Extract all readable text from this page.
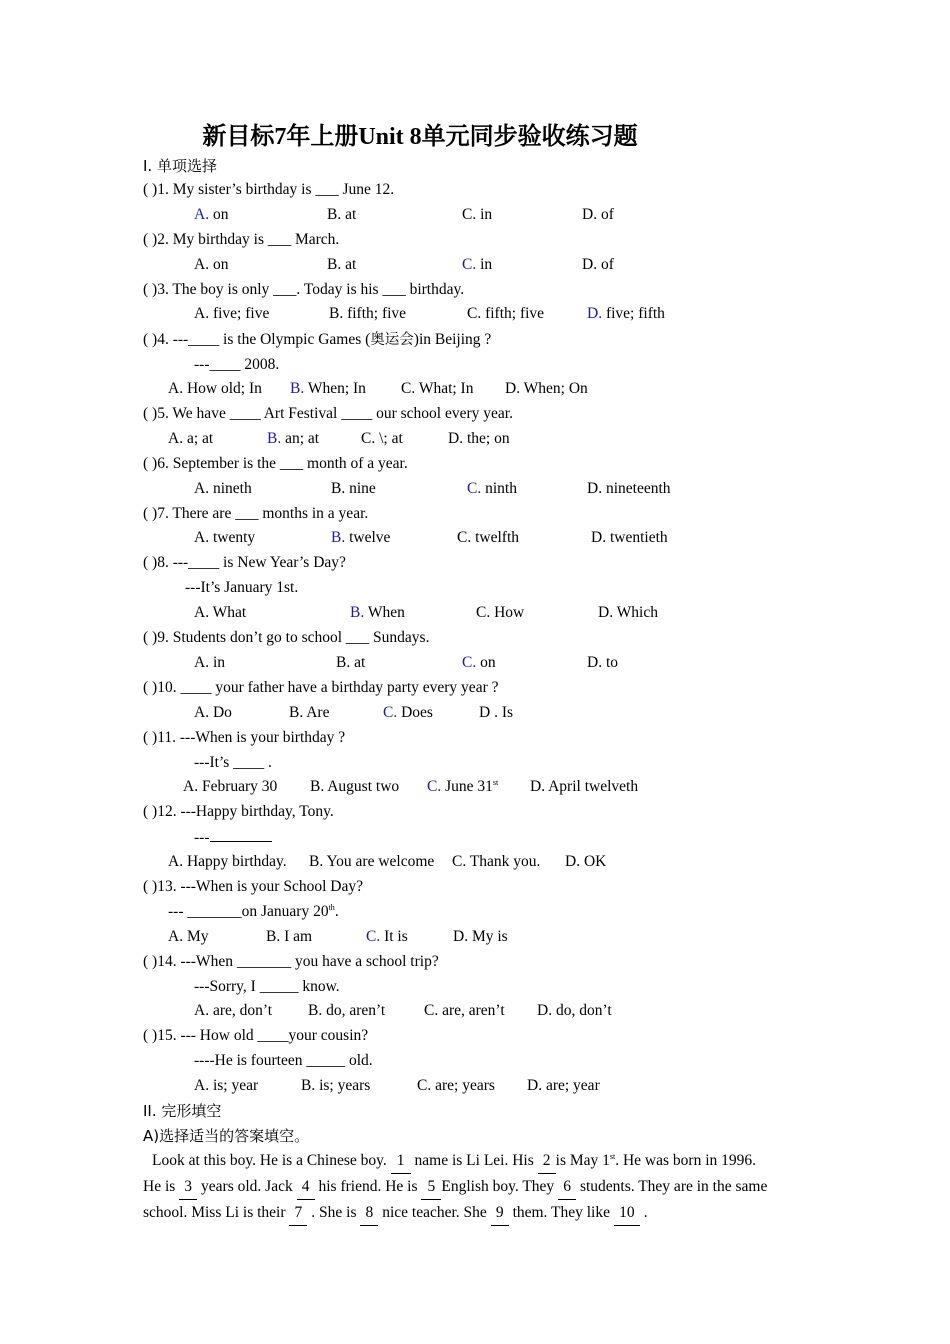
新目标7年上册Unit 8单元同步验收练习题
I. 单项选择
( )1. My sister’s birthday is ___ June 12.
A. on	B. at	C. in	D. of
( )2. My birthday is ___ March.
A. on	B. at	C. in	D. of
( )3. The boy is only ___. Today is his ___ birthday.
A. five; five	B. fifth; five	C. fifth; five	D. five; fifth
( )4. ---____ is the Olympic Games (奥运会)in Beijing ?
---____ 2008.
A. How old; In B. When; In C. What; In D. When; On
( )5. We have ____ Art Festival ____ our school every year.
A. a; at	B. an; at	C. \; at	D. the; on
( )6. September is the ___ month of a year.
A. nineth	B. nine	C. ninth	D. nineteenth
( )7. There are ___ months in a year.
A. twenty	B. twelve	C. twelfth	D. twentieth
( )8. ---____ is New Year’s Day?
---It’s January 1st.
A. What	B. When	C. How	D. Which
( )9. Students don’t go to school ___ Sundays.
A. in	B. at	C. on	D. to
( )10. ____ your father have a birthday party every year ?
A. Do	B. Are	C. Does	D . Is
( )11. ---When is your birthday ?
---It’s ____ .
A. February 30 B. August two C. June 31st D. April twelveth
( )12. ---Happy birthday, Tony.
---
A. Happy birthday. B. You are welcome C. Thank you. D. OK
( )13. ---When is your School Day?
--- _______on January 20th.
A. My	B. I am	C. It is	D. My is
( )14. ---When _______ you have a school trip?
---Sorry, I _____ know.
A. are, don’t B. do, aren’t	C. are, aren’t D. do, don’t
( )15. --- How old ____your cousin?
----He is fourteen _____ old.
A. is; year	B. is; years	C. are; years D. are; year
II. 完形填空
A)选择适当的答案填空。
Look at this boy. He is a Chinese boy. 1 name is Li Lei. His 2is May 1st. He was born in 1996.
He is 3 years old. Jack 4 his friend. He is 5English boy. They 6 students. They are in the same
school. Miss Li is their 7 . She is 8 nice teacher. She 9 them. They like 10 .
